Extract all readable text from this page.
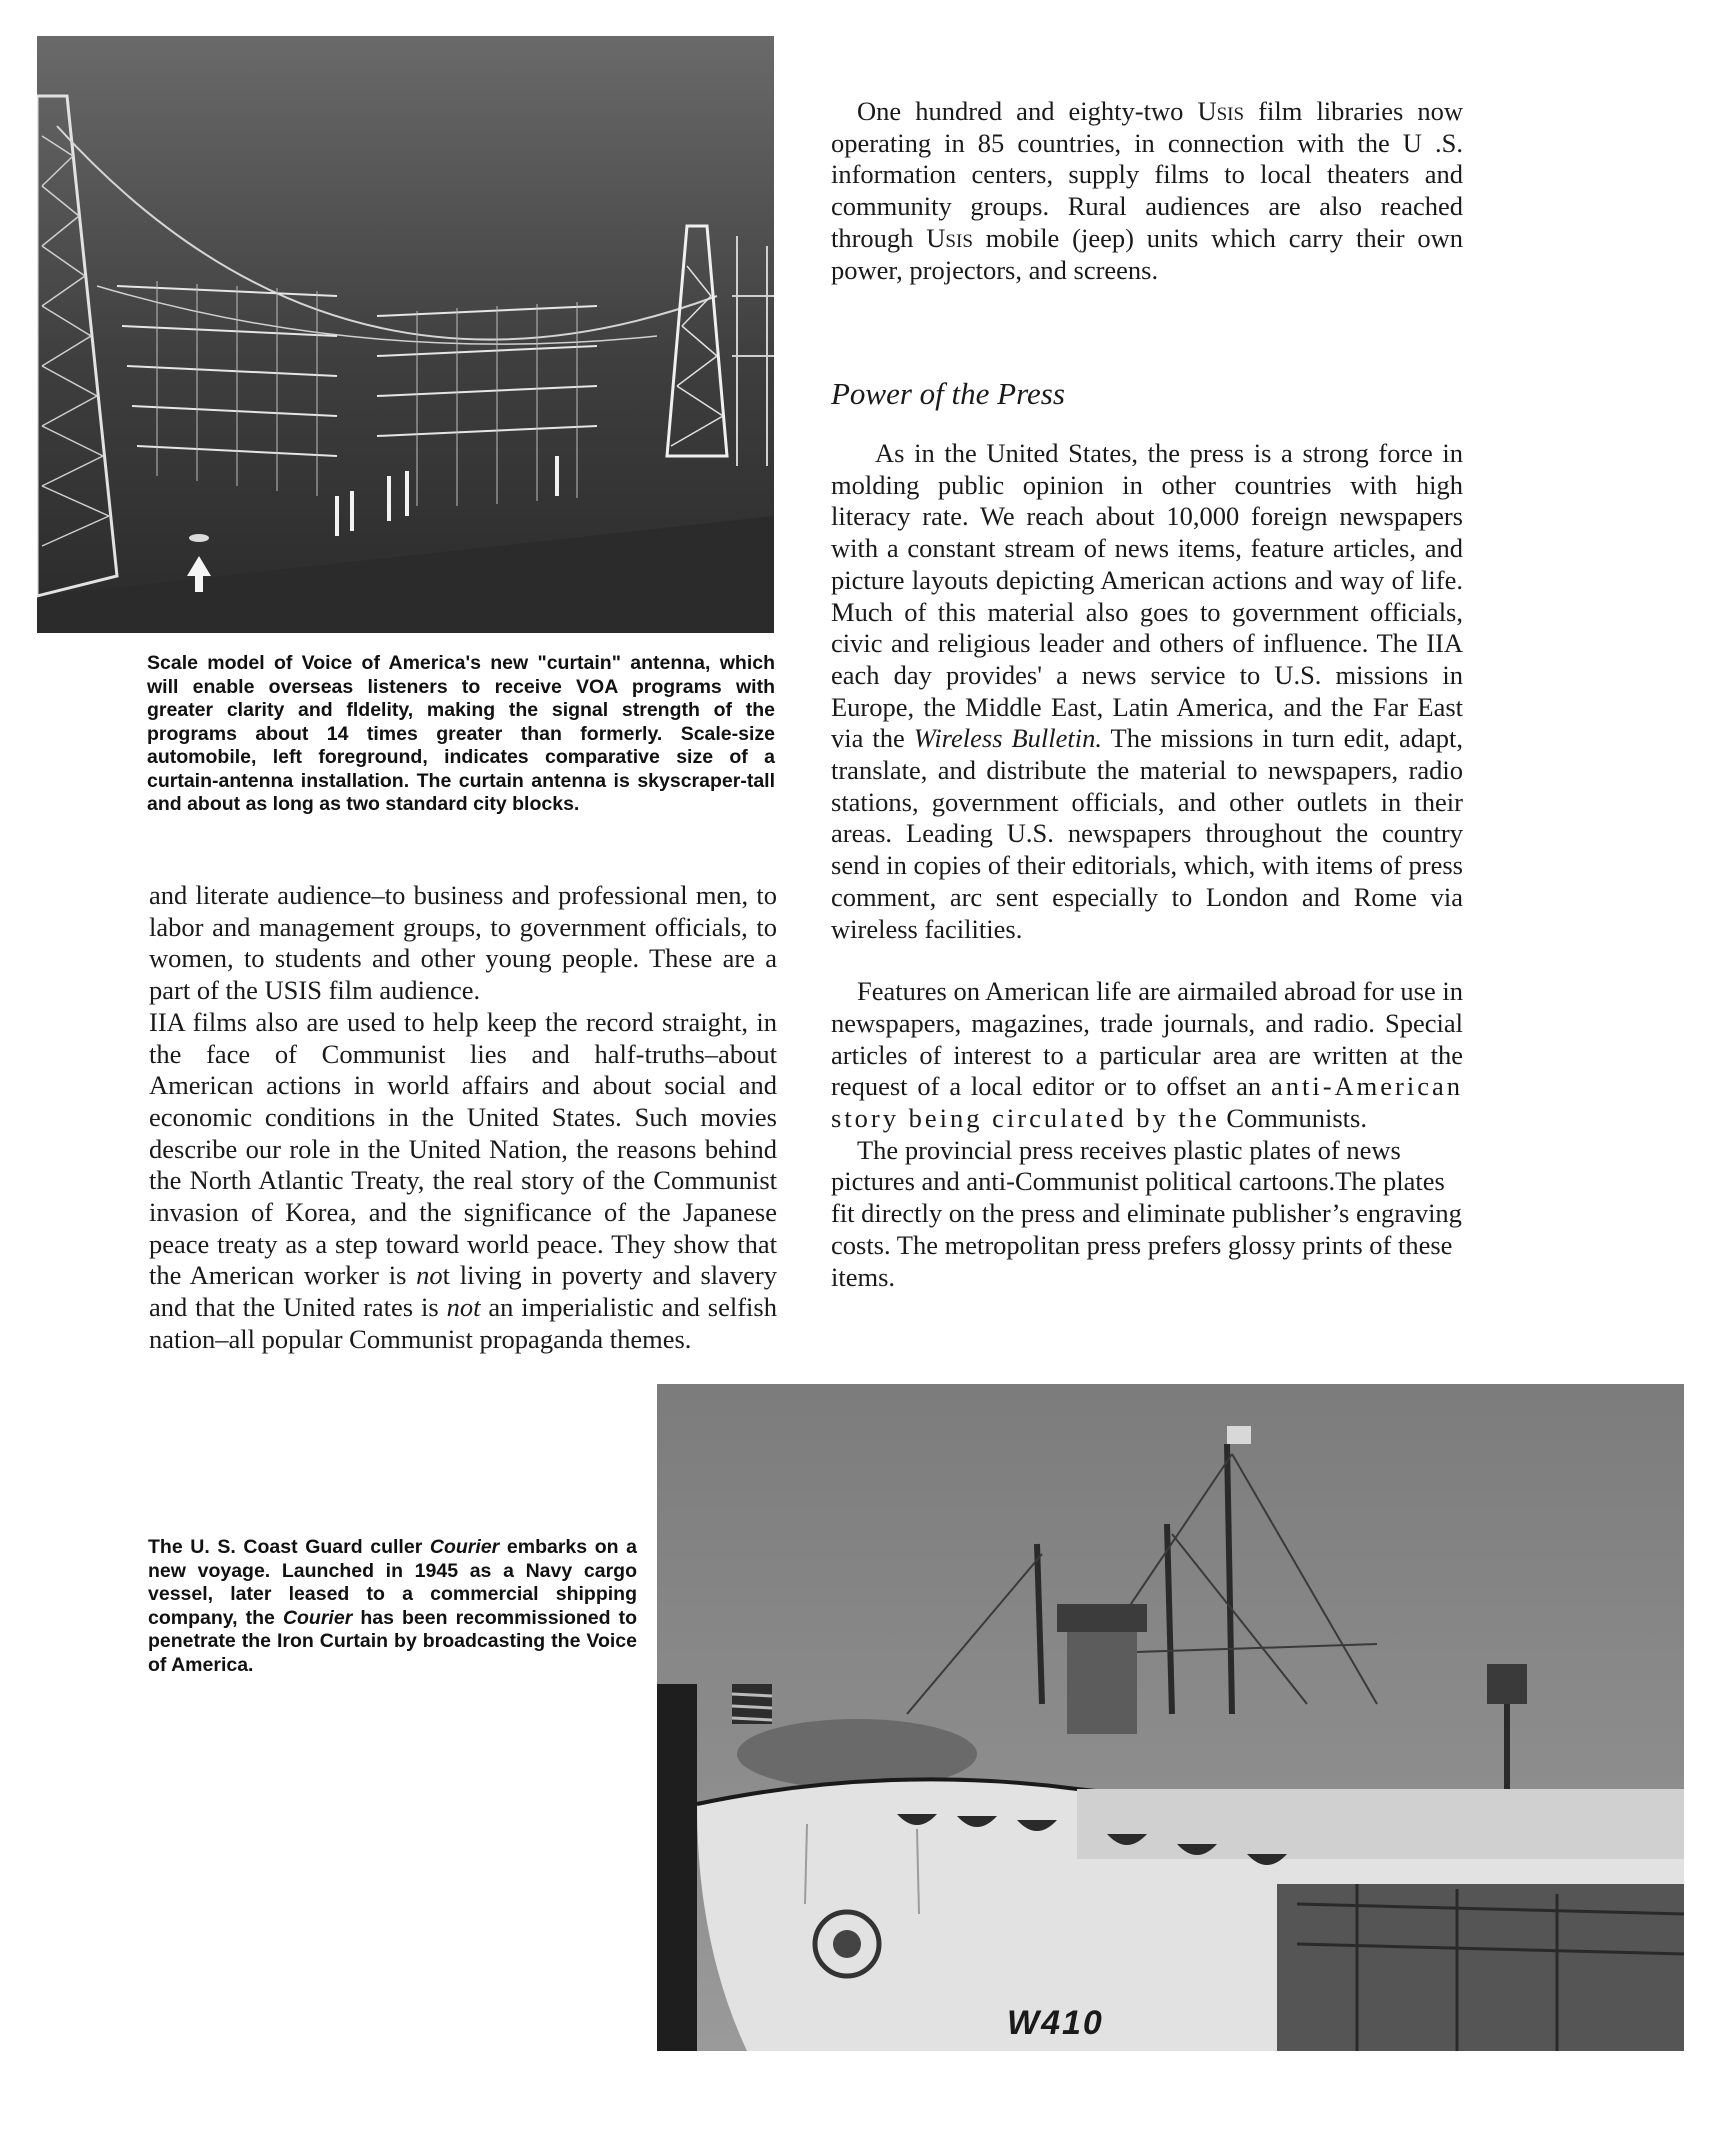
Scale model of Voice of America's new "curtain" antenna, which will enable overseas listeners to receive VOA programs with greater clarity and fldelity, making the signal strength of the programs about 14 times greater than formerly. Scale-size automobile, left foreground, indicates comparative size of a curtain-antenna installation. The curtain antenna is skyscraper-tall and about as long as two standard city blocks.

One hundred and eighty-two Usis film libraries now operating in 85 countries, in connection with the U .S. information centers, supply films to local theaters and community groups. Rural audiences are also reached through Usis mobile (jeep) units which carry their own power, projectors, and screens.

Power of the Press

As in the United States, the press is a strong force in molding public opinion in other countries with high literacy rate. We reach about 10,000 foreign newspapers with a constant stream of news items, feature articles, and picture layouts depicting American actions and way of life. Much of this material also goes to government officials, civic and religious leader and others of influence. The IIA each day provides' a news service to U.S. missions in Europe, the Middle East, Latin America, and the Far East via the Wireless Bulletin. The missions in turn edit, adapt, translate, and distribute the material to newspapers, radio stations, government officials, and other outlets in their areas. Leading U.S. newspapers throughout the country send in copies of their editorials, which, with items of press comment, arc sent especially to London and Rome via wireless facilities.

Features on American life are airmailed abroad for use in newspapers, magazines, trade journals, and radio. Special articles of interest to a particular area are written at the request of a local editor or to offset an anti-American story being circulated by the Communists.

The provincial press receives plastic plates of news pictures and anti-Communist political cartoons.The plates fit directly on the press and eliminate publisher’s engraving costs. The metropolitan press prefers glossy prints of these items.

and literate audience–to business and professional men, to labor and management groups, to government officials, to women, to students and other young people. These are a part of the USIS film audience.

IIA films also are used to help keep the record straight, in the face of Communist lies and half-truths–about American actions in world affairs and about social and economic conditions in the United States. Such movies describe our role in the United Nation, the reasons behind the North Atlantic Treaty, the real story of the Communist invasion of Korea, and the significance of the Japanese peace treaty as a step toward world peace. They show that the American worker is not living in poverty and slavery and that the United rates is not an imperialistic and selfish nation–all popular Communist propaganda themes.

The U. S. Coast Guard culler Courier embarks on a new voyage. Launched in 1945 as a Navy cargo vessel, later leased to a commercial shipping company, the Courier has been recommissioned to penetrate the Iron Curtain by broadcasting the Voice of America.
W410
